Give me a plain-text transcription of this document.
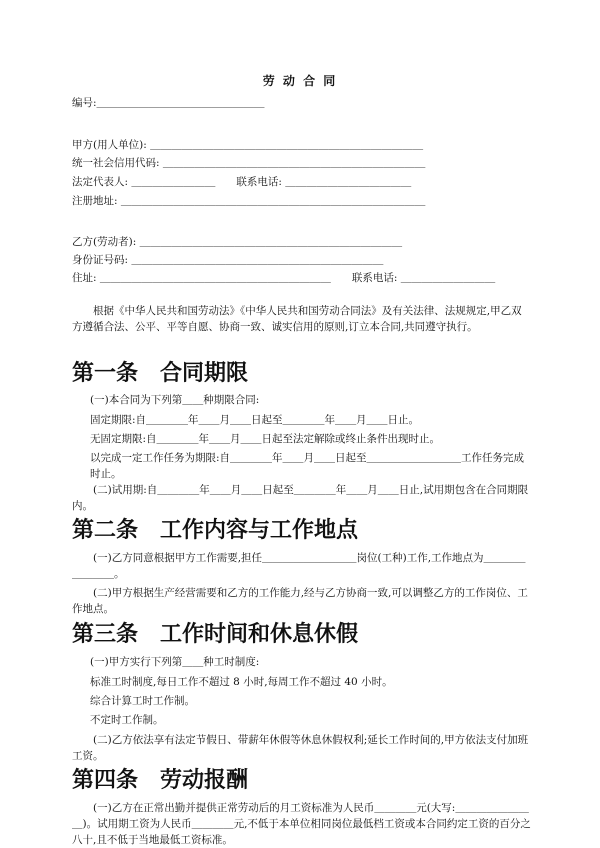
劳 动 合 同
编号:＿＿＿＿＿＿＿＿＿＿＿＿＿＿＿＿
甲方(用人单位): ＿＿＿＿＿＿＿＿＿＿＿＿＿＿＿＿＿＿＿＿＿＿＿＿＿＿
统一社会信用代码: ＿＿＿＿＿＿＿＿＿＿＿＿＿＿＿＿＿＿＿＿＿＿＿＿＿
法定代表人: ＿＿＿＿＿＿＿＿　　联系电话: ＿＿＿＿＿＿＿＿＿＿＿＿
注册地址: ＿＿＿＿＿＿＿＿＿＿＿＿＿＿＿＿＿＿＿＿＿＿＿＿＿＿＿＿＿
乙方(劳动者): ＿＿＿＿＿＿＿＿＿＿＿＿＿＿＿＿＿＿＿＿＿＿＿＿＿
身份证号码: ＿＿＿＿＿＿＿＿＿＿＿＿＿＿＿＿＿＿＿＿＿＿＿＿
住址: ＿＿＿＿＿＿＿＿＿＿＿＿＿＿＿＿＿＿＿＿＿＿　　联系电话: ＿＿＿＿＿＿＿＿＿
　　根据《中华人民共和国劳动法》《中华人民共和国劳动合同法》及有关法律、法规规定,甲乙双方遵循合法、公平、平等自愿、协商一致、诚实信用的原则,订立本合同,共同遵守执行。
第一条 合同期限
(一)本合同为下列第＿＿种期限合同:
固定期限:自＿＿＿＿年＿＿月＿＿日起至＿＿＿＿年＿＿月＿＿日止。
无固定期限:自＿＿＿＿年＿＿月＿＿日起至法定解除或终止条件出现时止。
以完成一定工作任务为期限:自＿＿＿＿年＿＿月＿＿日起至＿＿＿＿＿＿＿＿＿工作任务完成时止。
　　(二)试用期:自＿＿＿＿年＿＿月＿＿日起至＿＿＿＿年＿＿月＿＿日止,试用期包含在合同期限内。
第二条 工作内容与工作地点
　　(一)乙方同意根据甲方工作需要,担任＿＿＿＿＿＿＿＿＿岗位(工种)工作,工作地点为＿＿＿＿＿＿＿＿。
　　(二)甲方根据生产经营需要和乙方的工作能力,经与乙方协商一致,可以调整乙方的工作岗位、工作地点。
第三条 工作时间和休息休假
(一)甲方实行下列第＿＿种工时制度:
标准工时制度,每日工作不超过 8 小时,每周工作不超过 40 小时。
综合计算工时工作制。
不定时工作制。
　　(二)乙方依法享有法定节假日、带薪年休假等休息休假权利;延长工作时间的,甲方依法支付加班工资。
第四条 劳动报酬
　　(一)乙方在正常出勤并提供正常劳动后的月工资标准为人民币＿＿＿＿元(大写:＿＿＿＿＿＿＿＿)。试用期工资为人民币＿＿＿＿元,不低于本单位相同岗位最低档工资或本合同约定工资的百分之八十,且不低于当地最低工资标准。
